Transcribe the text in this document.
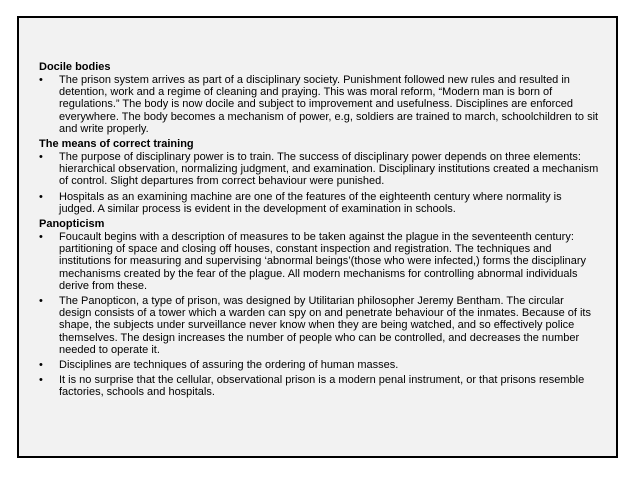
Docile bodies
• The prison system arrives as part of a disciplinary society. Punishment followed new rules and resulted in detention, work and a regime of cleaning and praying. This was moral reform, “Modern man is born of regulations.” The body is now docile and subject to improvement and usefulness. Disciplines are enforced everywhere. The body becomes a mechanism of power, e.g, soldiers are trained to march, schoolchildren to sit and write properly.
The means of correct training
• The purpose of disciplinary power is to train. The success of disciplinary power depends on three elements: hierarchical observation, normalizing judgment, and examination. Disciplinary institutions created a mechanism of control. Slight departures from correct behaviour were punished.
• Hospitals as an examining machine are one of the features of the eighteenth century where normality is judged. A similar process is evident in the development of examination in schools.
Panopticism
• Foucault begins with a description of measures to be taken against the plague in the seventeenth century: partitioning of space and closing off houses, constant inspection and registration. The techniques and institutions for measuring and supervising ‘abnormal beings’(those who were infected,) forms the disciplinary mechanisms created by the fear of the plague. All modern mechanisms for controlling abnormal individuals derive from these.
• The Panopticon, a type of prison, was designed by Utilitarian philosopher Jeremy Bentham. The circular design consists of a tower which a warden can spy on and penetrate behaviour of the inmates. Because of its shape, the subjects under surveillance never know when they are being watched, and so effectively police themselves. The design increases the number of people who can be controlled, and decreases the number needed to operate it.
• Disciplines are techniques of assuring the ordering of human masses.
• It is no surprise that the cellular, observational prison is a modern penal instrument, or that prisons resemble factories, schools and hospitals.
